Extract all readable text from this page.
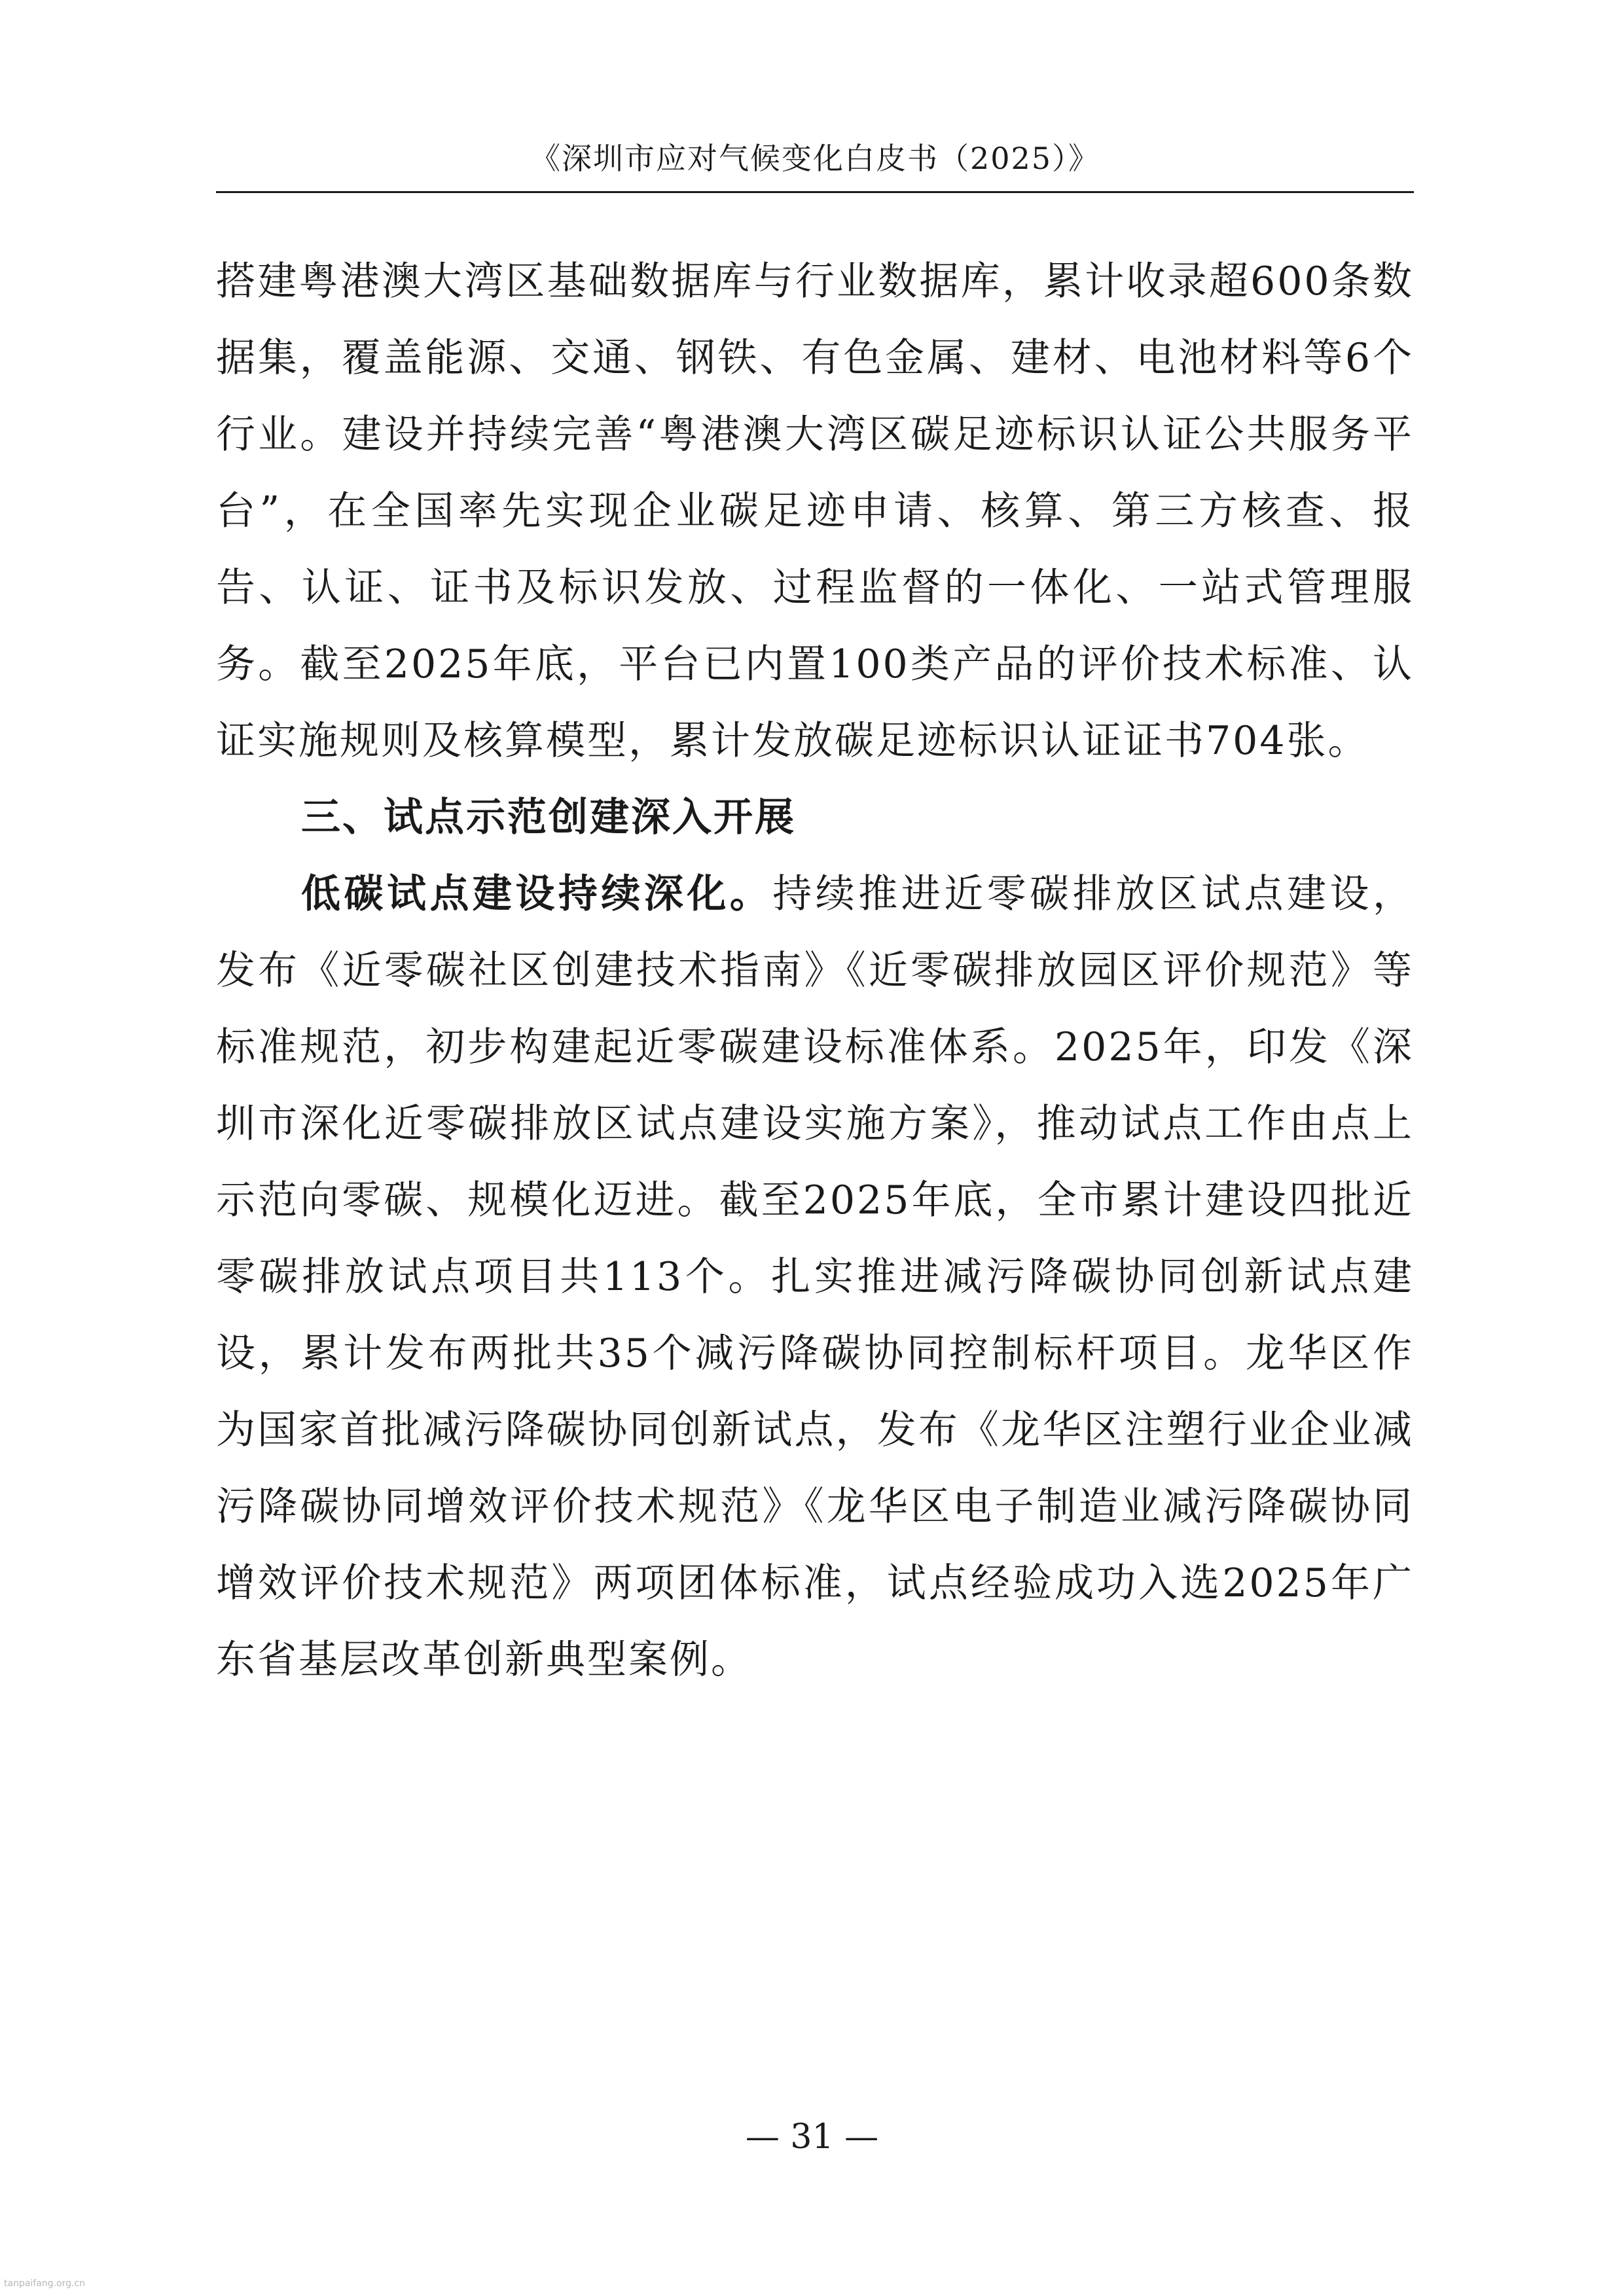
《深圳市应对气候变化白皮书（2025）》

搭建粤港澳大湾区基础数据库与行业数据库，累计收录超600条数据集，覆盖能源、交通、钢铁、有色金属、建材、电池材料等6个行业。建设并持续完善“粤港澳大湾区碳足迹标识认证公共服务平台”，在全国率先实现企业碳足迹申请、核算、第三方核查、报告、认证、证书及标识发放、过程监督的一体化、一站式管理服务。截至2025年底，平台已内置100类产品的评价技术标准、认证实施规则及核算模型，累计发放碳足迹标识认证证书704张。

三、试点示范创建深入开展

低碳试点建设持续深化。持续推进近零碳排放区试点建设，发布《近零碳社区创建技术指南》《近零碳排放园区评价规范》等标准规范，初步构建起近零碳建设标准体系。2025年，印发《深圳市深化近零碳排放区试点建设实施方案》，推动试点工作由点上示范向零碳、规模化迈进。截至2025年底，全市累计建设四批近零碳排放试点项目共113个。扎实推进减污降碳协同创新试点建设，累计发布两批共35个减污降碳协同控制标杆项目。龙华区作为国家首批减污降碳协同创新试点，发布《龙华区注塑行业企业减污降碳协同增效评价技术规范》《龙华区电子制造业减污降碳协同增效评价技术规范》两项团体标准，试点经验成功入选2025年广东省基层改革创新典型案例。

— 31 —
tanpaifang.org.cn
